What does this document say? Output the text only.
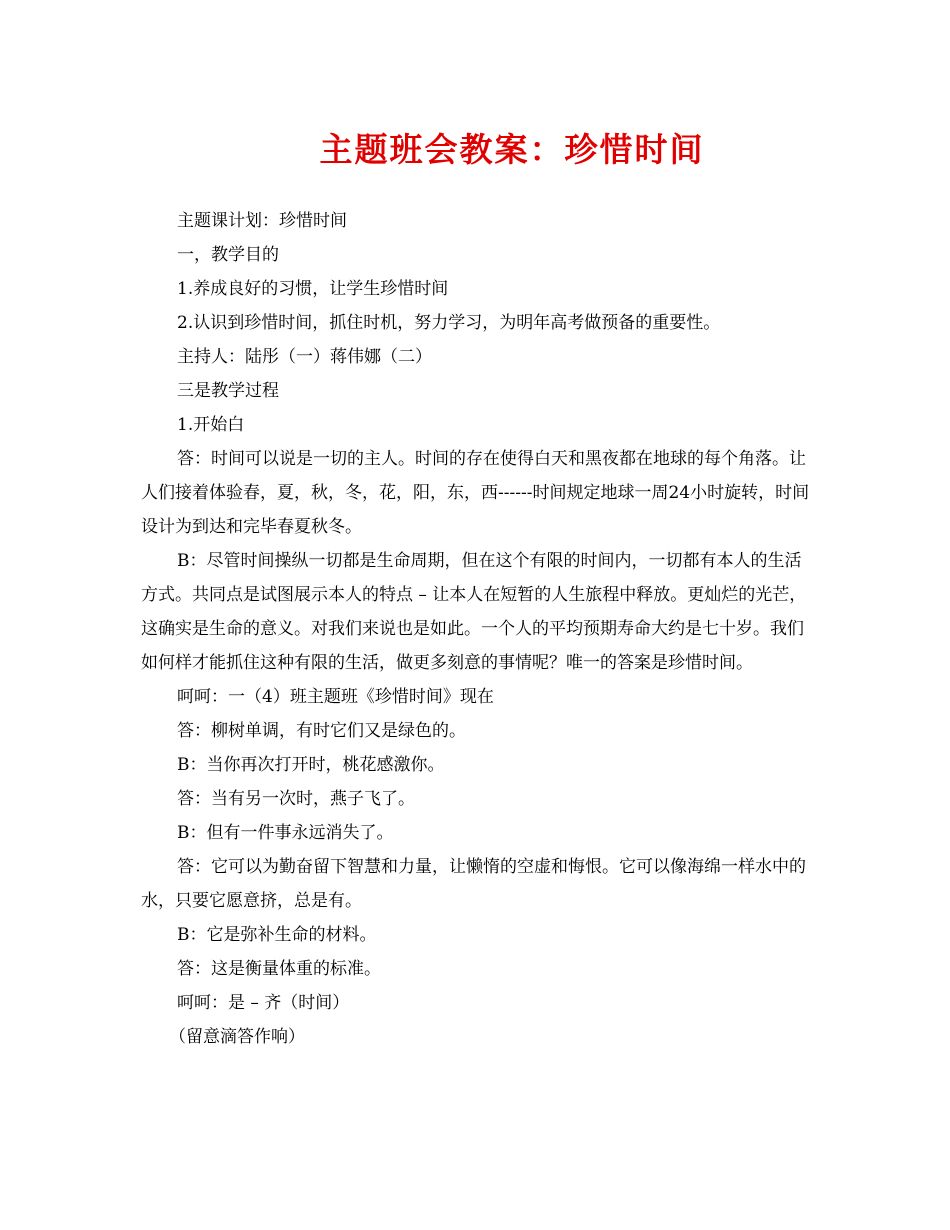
主题班会教案：珍惜时间

主题课计划：珍惜时间

一，教学目的

1.养成良好的习惯，让学生珍惜时间

2.认识到珍惜时间，抓住时机，努力学习，为明年高考做预备的重要性。

主持人：陆彤（一）蒋伟娜（二）

三是教学过程

1.开始白

答：时间可以说是一切的主人。时间的存在使得白天和黑夜都在地球的每个角落。让人们接着体验春，夏，秋，冬，花，阳，东，西------时间规定地球一周24小时旋转，时间设计为到达和完毕春夏秋冬。

B：尽管时间操纵一切都是生命周期，但在这个有限的时间内，一切都有本人的生活方式。共同点是试图展示本人的特点 – 让本人在短暂的人生旅程中释放。更灿烂的光芒，这确实是生命的意义。对我们来说也是如此。一个人的平均预期寿命大约是七十岁。我们如何样才能抓住这种有限的生活，做更多刻意的事情呢？唯一的答案是珍惜时间。

呵呵：一（4）班主题班《珍惜时间》现在

答：柳树单调，有时它们又是绿色的。

B：当你再次打开时，桃花感激你。

答：当有另一次时，燕子飞了。

B：但有一件事永远消失了。

答：它可以为勤奋留下智慧和力量，让懒惰的空虚和悔恨。它可以像海绵一样水中的水，只要它愿意挤，总是有。

B：它是弥补生命的材料。

答：这是衡量体重的标准。

呵呵：是 – 齐（时间）

（留意滴答作响）
